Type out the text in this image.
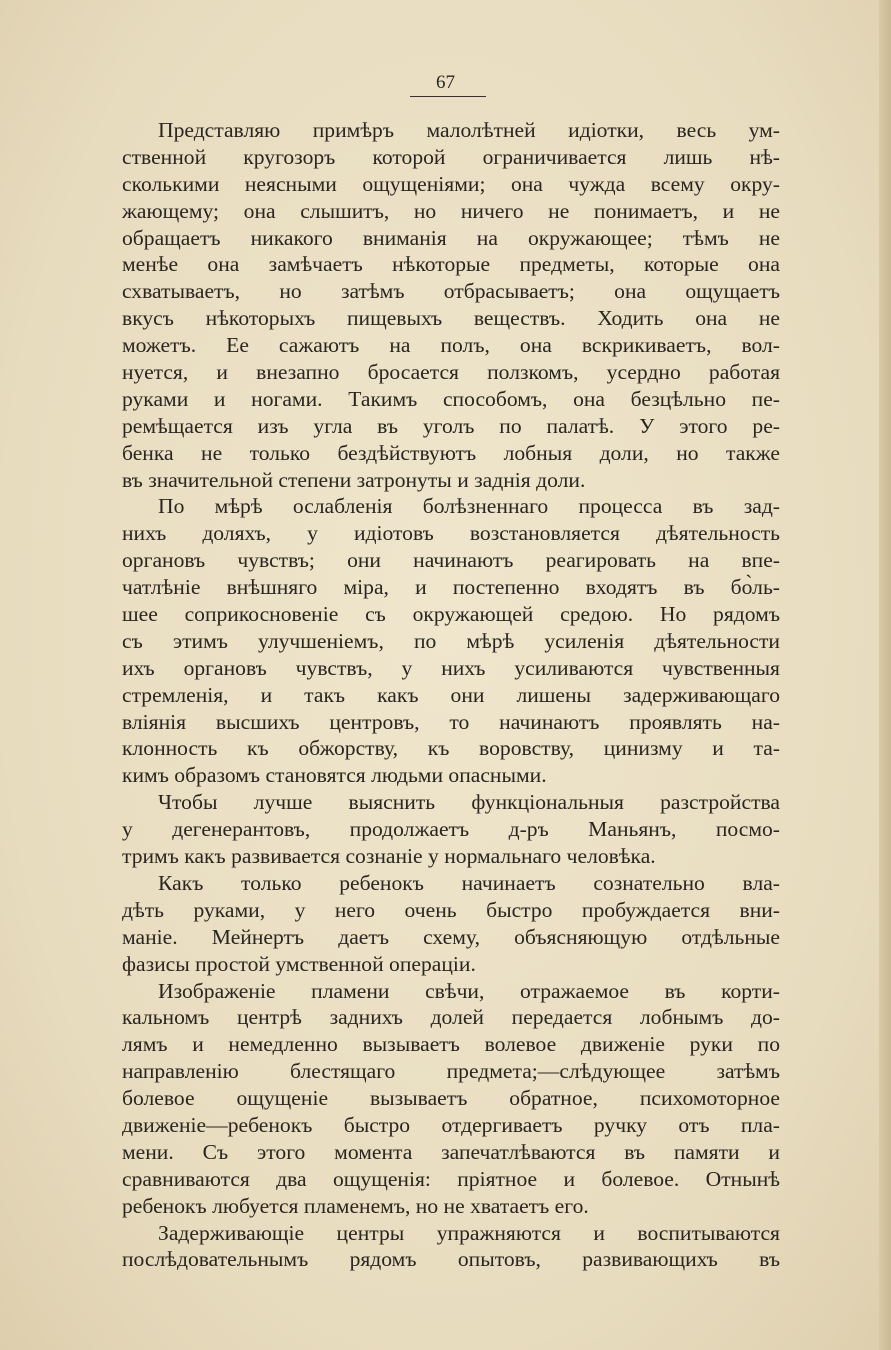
67
Представляю примѣръ малолѣтней идіотки, весь ум-
ственной кругозоръ которой ограничивается лишь нѣ-
сколькими неясными ощущеніями; она чужда всему окру-
жающему; она слышитъ, но ничего не понимаетъ, и не
обращаетъ никакого вниманія на окружающее; тѣмъ не
менѣе она замѣчаетъ нѣкоторые предметы, которые она
схватываетъ, но затѣмъ отбрасываетъ; она ощущаетъ
вкусъ нѣкоторыхъ пищевыхъ веществъ. Ходить она не
можетъ. Ее сажаютъ на полъ, она вскрикиваетъ, вол-
нуется, и внезапно бросается ползкомъ, усердно работая
руками и ногами. Такимъ способомъ, она безцѣльно пе-
ремѣщается изъ угла въ уголъ по палатѣ. У этого ре-
бенка не только бездѣйствуютъ лобныя доли, но также
въ значительной степени затронуты и заднія доли.
По мѣрѣ ослабленія болѣзненнаго процесса въ зад-
нихъ доляхъ, у идіотовъ возстановляется дѣятельность
органовъ чувствъ; они начинаютъ реагировать на впе-
чатлѣніе внѣшняго міра, и постепенно входятъ въ бо̀ль-
шее соприкосновеніе съ окружающей средою. Но рядомъ
съ этимъ улучшеніемъ, по мѣрѣ усиленія дѣятельности
ихъ органовъ чувствъ, у нихъ усиливаются чувственныя
стремленія, и такъ какъ они лишены задерживающаго
вліянія высшихъ центровъ, то начинаютъ проявлять на-
клонность къ обжорству, къ воровству, цинизму и та-
кимъ образомъ становятся людьми опасными.
Чтобы лучше выяснить функціональныя разстройства
у дегенерантовъ, продолжаетъ д-ръ Маньянъ, посмо-
тримъ какъ развивается сознаніе у нормальнаго человѣка.
Какъ только ребенокъ начинаетъ сознательно вла-
дѣть руками, у него очень быстро пробуждается вни-
маніе. Мейнертъ даетъ схему, объясняющую отдѣльные
фазисы простой умственной операціи.
Изображеніе пламени свѣчи, отражаемое въ корти-
кальномъ центрѣ заднихъ долей передается лобнымъ до-
лямъ и немедленно вызываетъ волевое движеніе руки по
направленію блестящаго предмета;—слѣдующее затѣмъ
болевое ощущеніе вызываетъ обратное, психомоторное
движеніе—ребенокъ быстро отдергиваетъ ручку отъ пла-
мени. Съ этого момента запечатлѣваются въ памяти и
сравниваются два ощущенія: пріятное и болевое. Отнынѣ
ребенокъ любуется пламенемъ, но не хватаетъ его.
Задерживающіе центры упражняются и воспитываются
послѣдовательнымъ рядомъ опытовъ, развивающихъ въ
